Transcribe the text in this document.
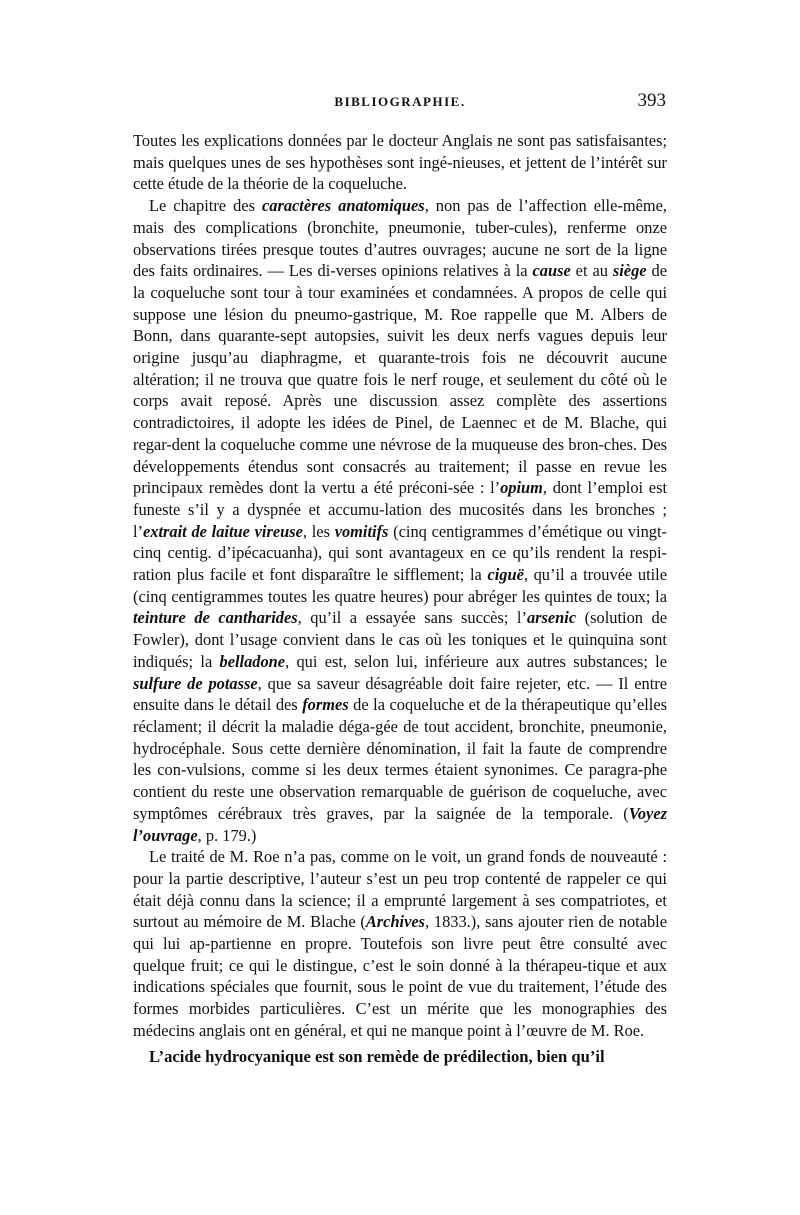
BIBLIOGRAPHIE.	393

Toutes les explications données par le docteur Anglais ne sont pas satisfaisantes; mais quelques unes de ses hypothèses sont ingé-nieuses, et jettent de l’intérêt sur cette étude de la théorie de la coqueluche.

Le chapitre des caractères anatomiques, non pas de l’affection elle-même, mais des complications (bronchite, pneumonie, tuber-cules), renferme onze observations tirées presque toutes d’autres ouvrages; aucune ne sort de la ligne des faits ordinaires. — Les di-verses opinions relatives à la cause et au siège de la coqueluche sont tour à tour examinées et condamnées. A propos de celle qui suppose une lésion du pneumo-gastrique, M. Roe rappelle que M. Albers de Bonn, dans quarante-sept autopsies, suivit les deux nerfs vagues depuis leur origine jusqu’au diaphragme, et quarante-trois fois ne découvrit aucune altération; il ne trouva que quatre fois le nerf rouge, et seulement du côté où le corps avait reposé. Après une discussion assez complète des assertions contradictoires, il adopte les idées de Pinel, de Laennec et de M. Blache, qui regar-dent la coqueluche comme une névrose de la muqueuse des bron-ches. Des développements étendus sont consacrés au traitement; il passe en revue les principaux remèdes dont la vertu a été préconi-sée : l’opium, dont l’emploi est funeste s’il y a dyspnée et accumu-lation des mucosités dans les bronches ; l’extrait de laitue vireuse, les vomitifs (cinq centigrammes d’émétique ou vingt-cinq centig. d’ipécacuanha), qui sont avantageux en ce qu’ils rendent la respi-ration plus facile et font disparaître le sifflement; la ciguë, qu’il a trouvée utile (cinq centigrammes toutes les quatre heures) pour abréger les quintes de toux; la teinture de cantharides, qu’il a essayée sans succès; l’arsenic (solution de Fowler), dont l’usage convient dans le cas où les toniques et le quinquina sont indiqués; la belladone, qui est, selon lui, inférieure aux autres substances; le sulfure de potasse, que sa saveur désagréable doit faire rejeter, etc. — Il entre ensuite dans le détail des formes de la coqueluche et de la thérapeutique qu’elles réclament; il décrit la maladie déga-gée de tout accident, bronchite, pneumonie, hydrocéphale. Sous cette dernière dénomination, il fait la faute de comprendre les con-vulsions, comme si les deux termes étaient synonimes. Ce paragra-phe contient du reste une observation remarquable de guérison de coqueluche, avec symptômes cérébraux très graves, par la saignée de la temporale. (Voyez l’ouvrage, p. 179.)

Le traité de M. Roe n’a pas, comme on le voit, un grand fonds de nouveauté : pour la partie descriptive, l’auteur s’est un peu trop contenté de rappeler ce qui était déjà connu dans la science; il a emprunté largement à ses compatriotes, et surtout au mémoire de M. Blache (Archives, 1833.), sans ajouter rien de notable qui lui ap-partienne en propre. Toutefois son livre peut être consulté avec quelque fruit; ce qui le distingue, c’est le soin donné à la thérapeu-tique et aux indications spéciales que fournit, sous le point de vue du traitement, l’étude des formes morbides particulières. C’est un mérite que les monographies des médecins anglais ont en général, et qui ne manque point à l’œuvre de M. Roe.

L’acide hydrocyanique est son remède de prédilection, bien qu’il
